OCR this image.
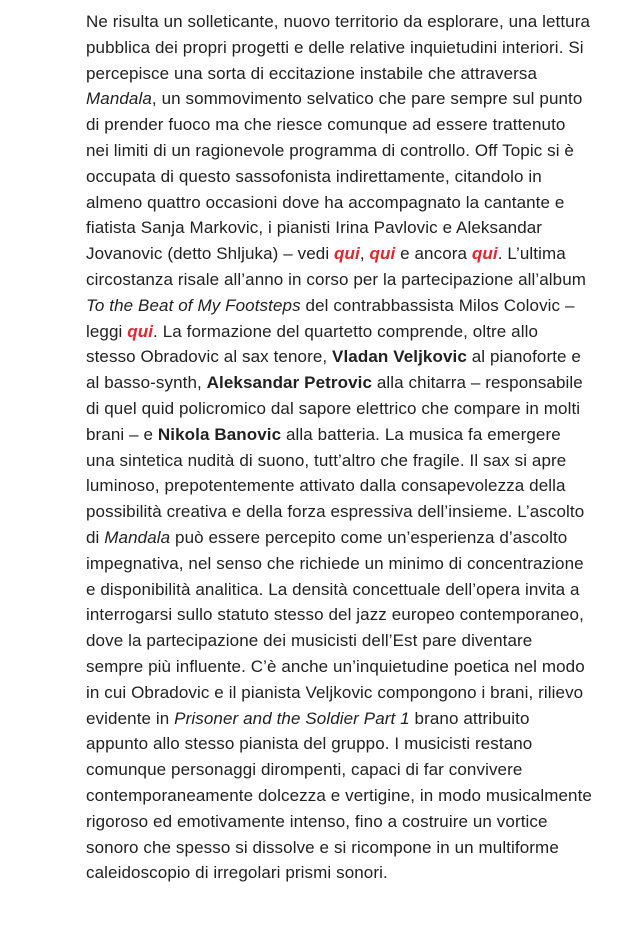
Ne risulta un solleticante, nuovo territorio da esplorare, una lettura pubblica dei propri progetti e delle relative inquietudini interiori. Si percepisce una sorta di eccitazione instabile che attraversa Mandala, un sommovimento selvatico che pare sempre sul punto di prender fuoco ma che riesce comunque ad essere trattenuto nei limiti di un ragionevole programma di controllo. Off Topic si è occupata di questo sassofonista indirettamente, citandolo in almeno quattro occasioni dove ha accompagnato la cantante e fiatista Sanja Markovic, i pianisti Irina Pavlovic e Aleksandar Jovanovic (detto Shljuka) – vedi qui, qui e ancora qui. L’ultima circostanza risale all’anno in corso per la partecipazione all’album To the Beat of My Footsteps del contrabbassista Milos Colovic – leggi qui. La formazione del quartetto comprende, oltre allo stesso Obradovic al sax tenore, Vladan Veljkovic al pianoforte e al basso-synth, Aleksandar Petrovic alla chitarra – responsabile di quel quid policromico dal sapore elettrico che compare in molti brani – e Nikola Banovic alla batteria. La musica fa emergere una sintetica nudità di suono, tutt’altro che fragile. Il sax si apre luminoso, prepotentemente attivato dalla consapevolezza della possibilità creativa e della forza espressiva dell’insieme. L’ascolto di Mandala può essere percepito come un’esperienza d’ascolto impegnativa, nel senso che richiede un minimo di concentrazione e disponibilità analitica. La densità concettuale dell’opera invita a interrogarsi sullo statuto stesso del jazz europeo contemporaneo, dove la partecipazione dei musicisti dell’Est pare diventare sempre più influente. C’è anche un’inquietudine poetica nel modo in cui Obradovic e il pianista Veljkovic compongono i brani, rilievo evidente in Prisoner and the Soldier Part 1 brano attribuito appunto allo stesso pianista del gruppo. I musicisti restano comunque personaggi dirompenti, capaci di far convivere contemporaneamente dolcezza e vertigine, in modo musicalmente rigoroso ed emotivamente intenso, fino a costruire un vortice sonoro che spesso si dissolve e si ricompone in un multiforme caleidoscopio di irregolari prismi sonori.
